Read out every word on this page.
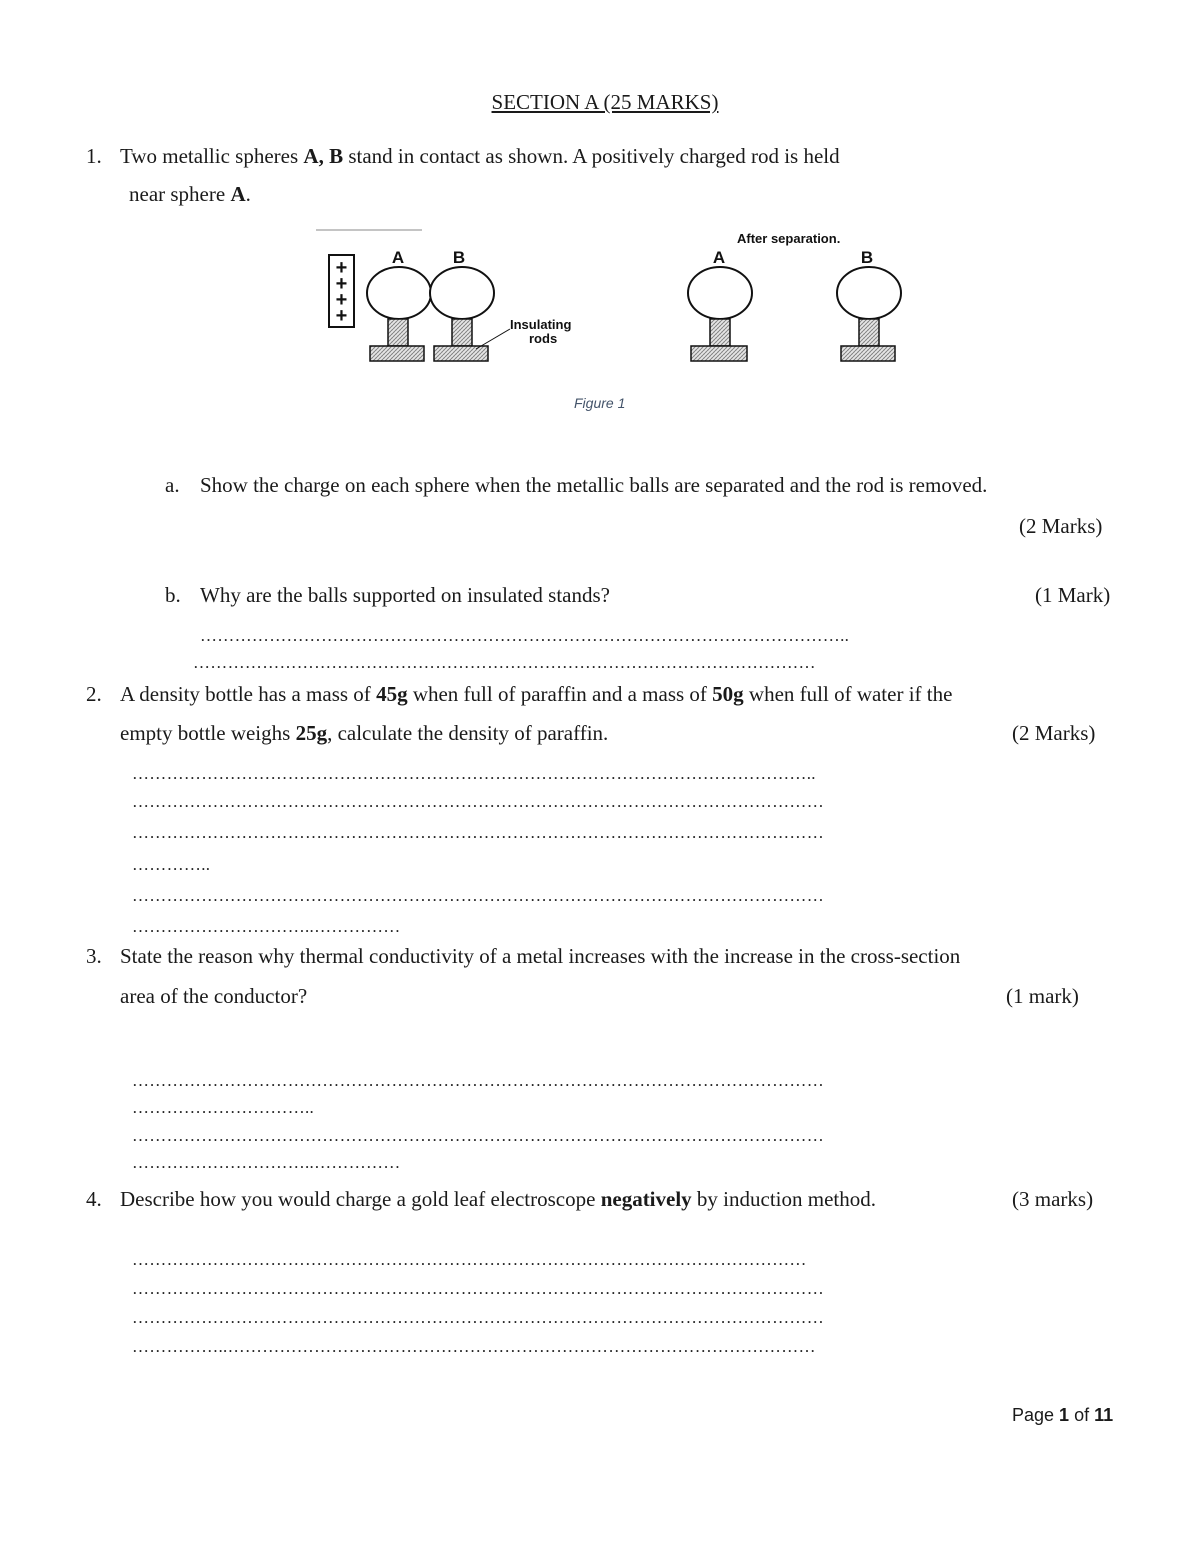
SECTION A (25 MARKS)
1. Two metallic spheres A, B stand in contact as shown. A positively charged rod is held
near sphere A.
+
+
+
+
A	B
Insulating
rods
After separation.
A	B
Figure 1
a. Show the charge on each sphere when the metallic balls are separated and the rod is removed.
(2 Marks)
b. Why are the balls supported on insulated stands?	(1 Mark)
…………………………………………………………………………………………………..
………………………………………………………………………………………………
2. A density bottle has a mass of 45g when full of paraffin and a mass of 50g when full of water if the
empty bottle weighs 25g, calculate the density of paraffin.	(2 Marks)
………………………………………………………………………………………………………..
…………………………………………………………………………………………………………
…………………………………………………………………………………………………………
…………..
…………………………………………………………………………………………………………
…………………………..……………
3. State the reason why thermal conductivity of a metal increases with the increase in the cross-section
area of the conductor?	(1 mark)
…………………………………………………………………………………………………………
…………………………..
…………………………………………………………………………………………………………
…………………………..……………
4. Describe how you would charge a gold leaf electroscope negatively by induction method.	(3 marks)
………………………………………………………………………………………………………
…………………………………………………………………………………………………………
…………………………………………………………………………………………………………
……………..…………………………………………………………………………………………
Page 1 of 11
